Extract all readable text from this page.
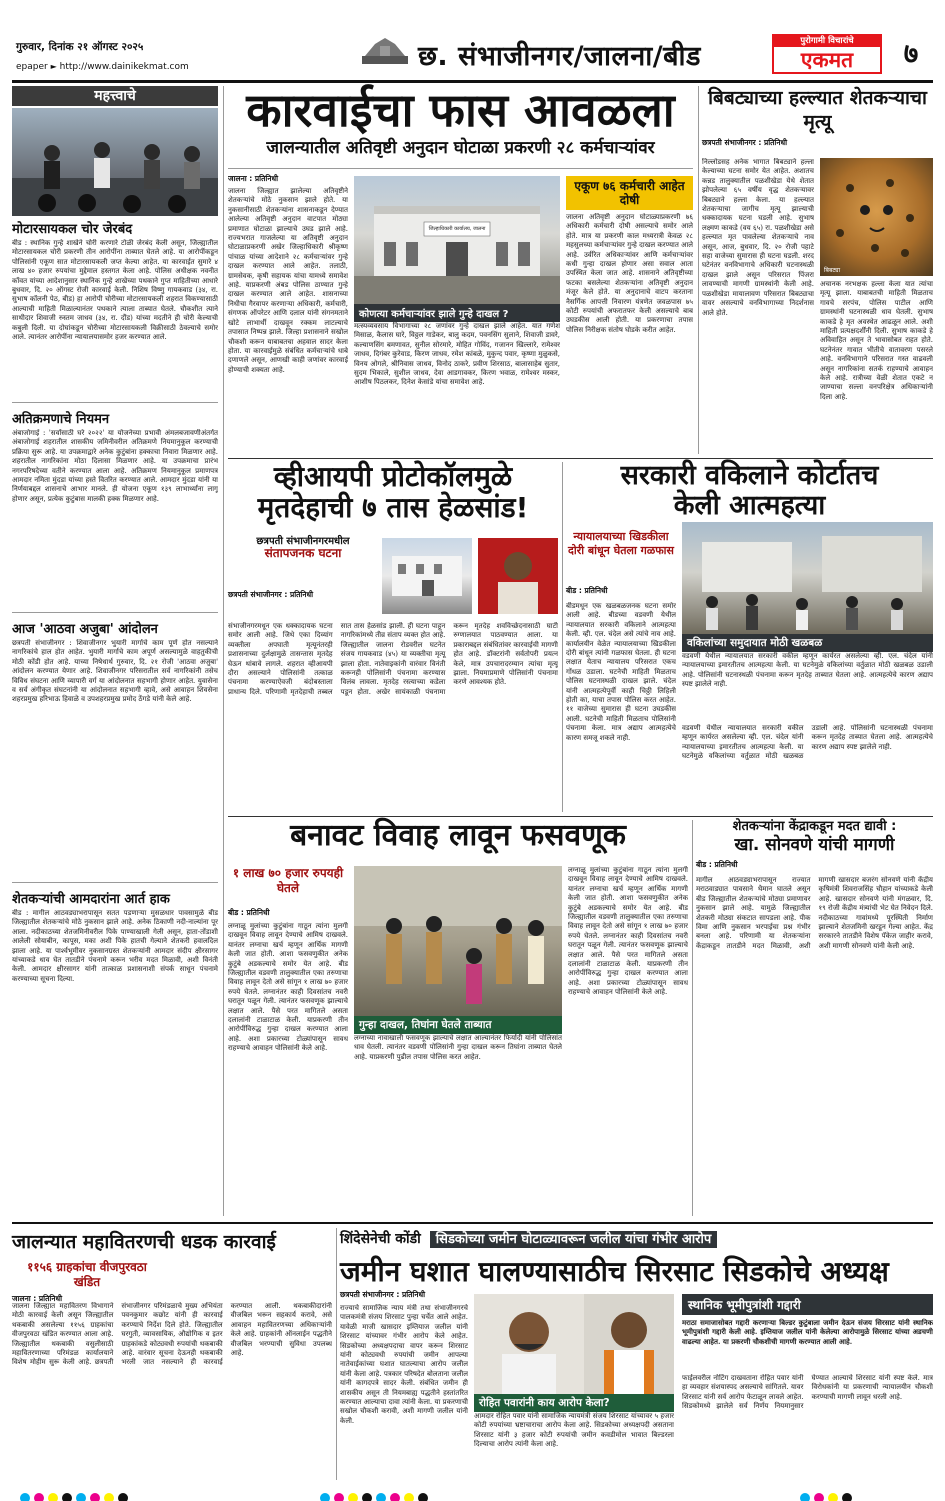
गुरुवार, दिनांक २१ ऑगस्ट २०२५
epaper ► http://www.dainikekmat.com	छ. संभाजीनगर/जालना/बीड	पुरोगामी विचारांचे
एकमत	७
महत्त्वाचे
मोटारसायकल चोर जेरबंद
बीड : स्थानिक गुन्हे शाखेने चोरी करणारे टोळी जेरबंद केली असून, जिल्ह्यातील मोटारसायकल चोरी प्रकरणी तीन आरोपींना ताब्यात घेतले आहे. या आरोपींकडून पोलिसांनी एकूण सात मोटारसायकली जप्त केल्या आहेत. या कारवाईत सुमारे ४ लाख ४० हजार रुपयांचा मुद्देमाल हस्तगत केला आहे. पोलिस अधीक्षक नवनीत कॉवत यांच्या आदेशानुसार स्थानिक गुन्हे शाखेच्या पथकाने गुप्त माहितीच्या आधारे बुधवार, दि. २० ऑगस्ट रोजी कारवाई केली. निशिष विष्णु गायकवाड (३४, रा. सुभाष कॉलनी पेठ, बीड) हा आरोपी चोरीच्या मोटारसायकली शहरात विकण्यासाठी आल्याची माहिती मिळाल्यानंतर पथकाने त्याला ताब्यात घेतले. चौकशीत त्याने साथीदार शिवाजी रुस्तम जाधव (३४, रा. दौंड) यांच्या मदतीने ही चोरी केल्याची कबुली दिली. या दोघांकडून चोरीच्या मोटारसायकली विक्रीसाठी ठेवल्याचे समोर आले. त्यानंतर आरोपींना न्यायालयासमोर हजर करण्यात आले.
अतिक्रमणाचे नियमन
अंबाजोगाई : 'सर्वांसाठी घरे २०२२' या योजनेच्या प्रभावी अंमलबजावणीअंतर्गत अंबाजोगाई शहरातील शासकीय जमिनीवरील अतिक्रमणे नियमानुकूल करण्याची प्रक्रिया सुरू आहे. या उपक्रमाद्वारे अनेक कुटुंबांना हक्काचा निवारा मिळणार आहे. शहरातील नागरिकांना मोठा दिलासा मिळणार आहे. या उपक्रमाचा प्रारंभ नगरपरिषदेच्या वतीने करण्यात आला आहे. अतिक्रमण नियमानुकूल प्रमाणपत्र आमदार नमिता मुंदडा यांच्या हस्ते वितरित करण्यात आले. आमदार मुंदडा यांनी या निर्णयाबद्दल शासनाचे आभार मानले. ही योजना एकूण १३९ लाभार्थ्यांना लागू होणार असून, प्रत्येक कुटुंबास मालकी हक्क मिळणार आहे.
आज 'आठवा अजुबा' आंदोलन
छत्रपती संभाजीनगर : शिवाजीनगर भुयारी मार्गाचे काम पूर्ण होत नसल्याने नागरिकांचे हाल होत आहेत. भुयारी मार्गाचे काम अपूर्ण असल्यामुळे वाहतुकीची मोठी कोंडी होत आहे. याच्या निषेधार्थ गुरुवार, दि. २१ रोजी 'आठवा अजुबा' आंदोलन करण्यात येणार आहे. शिवाजीनगर परिसरातील सर्व नागरिकांनी तसेच विविध संघटना आणि व्यापारी वर्ग या आंदोलनात सहभागी होणार आहेत. युवासेना व सर्व अंगीकृत संघटनांनी या आंदोलनात सहभागी व्हावे, असे आवाहन शिवसेना शहरप्रमुख हरिभाऊ हिवाळे व उपशहरप्रमुख प्रमोद ठेंगडे यांनी केले आहे.
शेतकऱ्यांची आमदारांना आर्त हाक
बीड : मागील आठवड्याभरापासून सतत पडणाऱ्या मुसळधार पावसामुळे बीड जिल्ह्यातील शेतकऱ्यांचे मोठे नुकसान झाले आहे. अनेक ठिकाणी नदी-नाल्यांना पूर आला. नदीकाठच्या शेतजमिनीवरील पिके पाण्याखाली गेली असून, हाता-तोंडाशी आलेली सोयाबीन, कापूस, मका अशी पिके हातची गेल्याने शेतकरी हवालदिल झाला आहे. या पार्श्वभूमीवर नुकसानग्रस्त शेतकऱ्यांनी आमदार संदीप क्षीरसागर यांच्याकडे धाव घेत तातडीने पंचनामे करून भरीव मदत मिळावी, अशी विनंती केली. आमदार क्षीरसागर यांनी तात्काळ प्रशासनाशी संपर्क साधून पंचनामे करण्याच्या सूचना दिल्या.
कारवाईचा फास आवळला
जालन्यातील अतिवृष्टी अनुदान घोटाळा प्रकरणी २८ कर्मचाऱ्यांवर
जालना : प्रतिनिधी
जालना जिल्ह्यात झालेल्या अतिवृष्टीने शेतकऱ्यांचे मोठे नुकसान झाले होते. या नुकसानीसाठी शेतकऱ्यांना शासनाकडून देण्यात आलेल्या अतिवृष्टी अनुदान वाटपात मोठ्या प्रमाणात घोटाळा झाल्याचे उघड झाले आहे. राज्यभरात गाजलेल्या या अतिवृष्टी अनुदान घोटाळाप्रकरणी अखेर जिल्हाधिकारी श्रीकृष्ण पांचाळ यांच्या आदेशाने २८ कर्मचाऱ्यांवर गुन्हे दाखल करण्यात आले आहेत. तलाठी, ग्रामसेवक, कृषी सहायक यांचा यामध्ये समावेश आहे. याप्रकरणी अंबड पोलिस ठाण्यात गुन्हे दाखल करण्यात आले आहेत. शासनाच्या निधीचा गैरवापर करणाऱ्या अधिकारी, कर्मचारी, संगणक ऑपरेटर आणि दलाल यांनी संगनमताने खोटे लाभार्थी दाखवून रक्कम लाटल्याचे तपासात निष्पन्न झाले. जिल्हा प्रशासनाने सखोल चौकशी करून याबाबतचा अहवाल सादर केला होता. या कारवाईमुळे संबंधित कर्मचाऱ्यांचे धाबे दणाणले असून, आणखी काही जणांवर कारवाई होण्याची शक्यता आहे.
जिल्हाधिकारी कार्यालय, जालना
कोणत्या कर्मचाऱ्यांवर झाले गुन्हे दाखल ?
मत्स्यव्यवसाय विभागाच्या २८ जणांवर गुन्हे दाखल झाले आहेत. यात गणेश मिसाळ, कैलास घारे, विठ्ठल गाडेकर, बालु कदम, पवनसिंग सुलाने, शिवाजी डावरे, कल्याणसिंग बमणावत, सुनील सोरमारे, मोहित गोविंद, गजानन खिल्लारे, रामेश्वर जाधव, दिगंबर कुरेवाड, किरण जाधव, रमेश कांबळे, मुकुन्द पवार, कृष्णा मुळुकसे, विनय ओगले, श्रीनिवास जाधव, विनोद ठाकरे, प्रवीण शिरसाठ, बालासाहेब सुतार, सुदम भिकाले, सुशील जाधव, देवा आडगावकर, किरण भवाळ, रामेश्वर मस्कर, आशीष पिठलकर, दिनेश केसांडे यांचा समावेश आहे.
एकूण ७६ कर्मचारी आहेत दोषी
जालना अतिवृष्टी अनुदान घोटाळ्याप्रकरणी ७६ अधिकारी कर्मचारी दोषी असल्याचे समोर आले होते. मात्र या प्रकरणी काल मध्यरात्री केवळ २८ महसुलच्या कर्मचाऱ्यांवर गुन्हे दाखल करण्यात आले आहे. उर्वरित अधिकाऱ्यांवर आणि कर्मचाऱ्यांवर कधी गुन्हा दाखल होणार असा सवाल आता उपस्थित केला जात आहे. शासनाने अतिवृष्टीच्या फटका बसलेल्या शेतकऱ्यांना अतिवृष्टी अनुदान मंजूर केले होते. या अनुदानाचे वाटप करताना नैसर्गिक आपत्ती निवारण यंत्रणेत जवळपास ७५ कोटी रुपयांची अफरातफर केली असल्याचे बाब उघडकीस आली होती. या प्रकरणाचा तपास पोलिस निरीक्षक संतोष घोडके करीत आहेत.
बिबट्याच्या हल्ल्यात शेतकऱ्याचा मृत्यू
छत्रपती संभाजीनगर : प्रतिनिधी
निल्लोडसह अनेक भागात बिबट्याने हल्ला केल्याच्या घटना समोर येत आहेत. अशातच कन्नड तालुक्यातील पळशीखेडा येथे शेतात झोपलेल्या ६५ वर्षीय वृद्ध शेतकऱ्यावर बिबट्याने हल्ला केला. या हल्ल्यात शेतकऱ्याचा जागीच मृत्यू झाल्याची धक्कादायक घटना घडली आहे. सुभाष लक्ष्मण काकडे (वय ६५) रा. पळशीखेडा असे हल्ल्यात मृत पावलेल्या शेतकऱ्याचे नाव असून, आज, बुधवार, दि. २० रोजी पहाटे सहा वाजेच्या सुमारास ही घटना घडली. शरद घटेनंतर वनविभागाचे अधिकारी घटनास्थळी दाखल झाले असून परिसरात पिंजरा लावण्याची मागणी ग्रामस्थांनी केली आहे. पळशीखेडा मायालावण परिसरात बिबट्याचा वावर असल्याचे वनविभागाच्या निदर्शनास आले होते.
बिबट्या
अचानक नरभक्षक हल्ला केला यात त्यांचा मृत्यू झाला. याबाबतची माहिती मिळताच गावचे सरपंच, पोलिस पाटील आणि ग्रामस्थांनी घटनास्थळी धाव घेतली. सुभाष काकडे हे मृत अवस्थेत आढळून आले. अशी माहिती प्रत्यक्षदर्शींनी दिली. सुभाष काकडे हे अविवाहित असून ते भावासोबत राहत होते. घटनेनंतर गावात भीतीचे वातावरण पसरले आहे. वनविभागाने परिसरात गस्त वाढवली असून नागरिकांना सतर्क राहण्याचे आवाहन केले आहे. रात्रीच्या वेळी शेतात एकटे न जाण्याचा सल्ला वनपरिक्षेत्र अधिकाऱ्यांनी दिला आहे.
व्हीआयपी प्रोटोकॉलमुळे
मृतदेहाची ७ तास हेळसांड!
छत्रपती संभाजीनगरमधील
संतापजनक घटना
छत्रपती संभाजीनगर : प्रतिनिधी
संभाजीनगरमधून एक धक्कादायक घटना समोर आली आहे. जिथे एका दिव्यांग व्यक्तीला अपघाती मृत्यूनंतरही प्रशासनाच्या दुर्लक्षामुळे तासन्तास मृतदेह घेऊन थांबावे लागले. शहरात व्हीआयपी दौरा असल्याने पोलिसांनी तत्काळ पंचनामा करण्याऐवजी बंदोबस्ताला प्राधान्य दिले. परिणामी मृतदेहाची तब्बल सात तास हेळसांड झाली. ही घटना पाहून नागरिकांमध्ये तीव्र संताप व्यक्त होत आहे. जिल्ह्यातील जालना रोडवरील घटनेत संजय गायकवाड (४५) या व्यक्तीचा मृत्यू झाला होता. नातेवाइकांनी वारंवार विनंती करूनही पोलिसांनी पंचनामा करण्यास विलंब लावला. मृतदेह रस्त्याच्या कडेला पडून होता. अखेर सायंकाळी पंचनामा करून मृतदेह शवविच्छेदनासाठी घाटी रुग्णालयात पाठवण्यात आला. या प्रकाराबद्दल संबंधितांवर कारवाईची मागणी होत आहे. डॉक्टरांनी सर्वतोपरी प्रयत्न केले, मात्र उपचारादरम्यान त्यांचा मृत्यू झाला. नियमाप्रमाणे पोलिसांनी पंचनामा करणे आवश्यक होते.
सरकारी वकिलाने कोर्टातच
केली आत्महत्या
न्यायालयाच्या खिडकीला दोरी बांधून घेतला गळफास
बीड : प्रतिनिधी
वकिलांच्या समुदायात मोठी खळबळ
वडवणी येथील न्यायालयात सरकारी वकील म्हणून कार्यरत असलेल्या व्ही. एल. चंदेल यांनी न्यायालयाच्या इमारतीतच आत्महत्या केली. या घटनेमुळे वकिलांच्या वर्तुळात मोठी खळबळ उडाली आहे. पोलिसांनी घटनास्थळी पंचनामा करून मृतदेह ताब्यात घेतला आहे. आत्महत्येचे कारण अद्याप स्पष्ट झालेले नाही.
बीडमधून एक खळबळजनक घटना समोर आली आहे. बीडच्या वडवणी येथील न्यायालयात सरकारी वकिलाने आत्महत्या केली. व्ही. एल. चंदेल असे त्यांचे नाव आहे. कार्यालयीन वेळेत न्यायालयाच्या खिडकीला दोरी बांधून त्यांनी गळफास घेतला. ही घटना लक्षात येताच न्यायालय परिसरात एकच गोंधळ उडाला. घटनेची माहिती मिळताच पोलिस घटनास्थळी दाखल झाले. चंदेल यांनी आत्महत्येपूर्वी काही चिठ्ठी लिहिली होती का, याचा तपास पोलिस करत आहेत. ११ वाजेच्या सुमारास ही घटना उघडकीस आली. घटनेची माहिती मिळताच पोलिसांनी पंचनामा केला. मात्र अद्याप आत्महत्येचे कारण समजू शकले नाही.
वडवणी येथील न्यायालयात सरकारी वकील म्हणून कार्यरत असलेल्या व्ही. एल. चंदेल यांनी न्यायालयाच्या इमारतीतच आत्महत्या केली. या घटनेमुळे वकिलांच्या वर्तुळात मोठी खळबळ उडाली आहे. पोलिसांनी घटनास्थळी पंचनामा करून मृतदेह ताब्यात घेतला आहे. आत्महत्येचे कारण अद्याप स्पष्ट झालेले नाही.
बनावट विवाह लावून फसवणूक
१ लाख ७० हजार रुपयही घेतले
बीड : प्रतिनिधी
लग्नाळू मुलांच्या कुटुंबांना गाठून त्यांना मुलगी दाखवून विवाह लावून देण्याचे आमिष दाखवले. यानंतर लग्नाचा खर्च म्हणून आर्थिक मागणी केली जात होती. आशा फसवणुकीत अनेक कुटुंबे अडकल्याचे समोर येत आहे. बीड जिल्ह्यातील वडवणी तालुक्यातील एका तरुणाचा विवाह लावून देतो असे सांगून १ लाख ७० हजार रुपये घेतले. लग्नानंतर काही दिवसांतच नवरी घरातून पळून गेली. त्यानंतर फसवणूक झाल्याचे लक्षात आले. पैसे परत मागितले असता दलालांनी टाळाटाळ केली. याप्रकरणी तीन आरोपींविरुद्ध गुन्हा दाखल करण्यात आला आहे. अशा प्रकारच्या टोळ्यांपासून सावध राहण्याचे आवाहन पोलिसांनी केले आहे.
गुन्हा दाखल, तिघांना घेतले ताब्यात
लग्नाच्या नावाखाली फसवणूक झाल्याचे लक्षात आल्यानंतर फिर्यादी यांनी पोलिसांत धाव घेतली. त्यानंतर वडवणी पोलिसांनी गुन्हा दाखल करून तिघांना ताब्यात घेतले आहे. याप्रकरणी पुढील तपास पोलिस करत आहेत.
लग्नाळू मुलांच्या कुटुंबांना गाठून त्यांना मुलगी दाखवून विवाह लावून देण्याचे आमिष दाखवले. यानंतर लग्नाचा खर्च म्हणून आर्थिक मागणी केली जात होती. आशा फसवणुकीत अनेक कुटुंबे अडकल्याचे समोर येत आहे. बीड जिल्ह्यातील वडवणी तालुक्यातील एका तरुणाचा विवाह लावून देतो असे सांगून १ लाख ७० हजार रुपये घेतले. लग्नानंतर काही दिवसांतच नवरी घरातून पळून गेली. त्यानंतर फसवणूक झाल्याचे लक्षात आले. पैसे परत मागितले असता दलालांनी टाळाटाळ केली. याप्रकरणी तीन आरोपींविरुद्ध गुन्हा दाखल करण्यात आला आहे. अशा प्रकारच्या टोळ्यांपासून सावध राहण्याचे आवाहन पोलिसांनी केले आहे.
शेतकऱ्यांना केंद्राकडून मदत द्यावी :
खा. सोनवणे यांची मागणी
बीड : प्रतिनिधी
मागील आठवड्याभरापासून राज्यात मराठवाड्यात पावसाने थैमान घातले असून बीड जिल्ह्यातील शेतकऱ्यांचे मोठ्या प्रमाणावर नुकसान झाले आहे. यामुळे जिल्ह्यातील शेतकरी मोठ्या संकटात सापडला आहे. पीक विमा आणि नुकसान भरपाईचा प्रश्न गंभीर बनला आहे. परिणामी या शेतकऱ्यांना केंद्राकडून तातडीने मदत मिळावी, अशी मागणी खासदार बजरंग सोनवणे यांनी केंद्रीय कृषिमंत्री शिवराजसिंह चौहान यांच्याकडे केली आहे. खासदार सोनवणे यांनी मंगळवार, दि. १९ रोजी केंद्रीय मंत्र्यांची भेट घेत निवेदन दिले. नदीकाठच्या गावांमध्ये पूरस्थिती निर्माण झाल्याने शेतजमिनी खरडून गेल्या आहेत. केंद्र सरकारने तातडीने विशेष पॅकेज जाहीर करावे, अशी मागणी सोनवणे यांनी केली आहे.
जालन्यात महावितरणची धडक कारवाई
११५६ ग्राहकांचा वीजपुरवठा खंडित
जालना : प्रतिनिधी
जालना जिल्ह्यात महावितरण विभागाने मोठी कारवाई केली असून जिल्ह्यातील थकबाकी असलेल्या ११५६ ग्राहकांचा वीजपुरवठा खंडित करण्यात आला आहे. जिल्ह्यातील थकबाकी वसुलीसाठी महावितरणाच्या परिमंडळ कार्यालयाने विशेष मोहीम सुरू केली आहे. छत्रपती संभाजीनगर परिमंडळाचे मुख्य अभियंता पवनकुमार कछोट यांनी ही कारवाई करण्याचे निर्देश दिले होते. जिल्ह्यातील घरगुती, व्यावसायिक, औद्योगिक व इतर ग्राहकांकडे कोट्यवधी रुपयांची थकबाकी आहे. वारंवार सूचना देऊनही थकबाकी भरली जात नसल्याने ही कारवाई करण्यात आली. थकबाकीदारांनी वीजबिल भरून सहकार्य करावे, असे आवाहन महावितरणच्या अधिकाऱ्यांनी केले आहे. ग्राहकांनी ऑनलाईन पद्धतीने वीजबिल भरण्याची सुविधा उपलब्ध आहे.
शिंदेसेनेची कोंडी सिडकोच्या जमीन घोटाळ्यावरून जलील यांचा गंभीर आरोप
जमीन घशात घालण्यासाठीच सिरसाट सिडकोचे अध्यक्ष
छत्रपती संभाजीनगर : प्रतिनिधी
राज्याचे सामाजिक न्याय मंत्री तथा संभाजीनगरचे पालकमंत्री संजय शिरसाट पुन्हा चर्चेत आले आहेत. यावेळी माजी खासदार इम्तियाज जलील यांनी शिरसाट यांच्यावर गंभीर आरोप केले आहेत. सिडकोच्या अध्यक्षपदाचा वापर करून शिरसाट यांनी कोट्यवधी रुपयांची जमीन आपल्या नातेवाईकांच्या घशात घातल्याचा आरोप जलील यांनी केला आहे. पत्रकार परिषदेत बोलताना जलील यांनी कागदपत्रे सादर केली. संबंधित जमीन ही शासकीय असून ती नियमबाह्य पद्धतीने हस्तांतरित करण्यात आल्याचा दावा त्यांनी केला. या प्रकरणाची सखोल चौकशी करावी, अशी मागणी जलील यांनी केली.
रोहित पवारांनी काय आरोप केला?
आमदार रोहित पवार यांनी सामाजिक न्यायमंत्री संजय शिरसाट यांच्यावर ५ हजार कोटी रुपयांच्या भ्रष्टाचाराचा आरोप केला आहे. सिडकोच्या अध्यक्षपदी असताना शिरसाट यांनी ३ हजार कोटी रुपयांची जमीन कवडीमोल भावात बिल्डरला दिल्याचा आरोप त्यांनी केला आहे.
स्थानिक भूमीपुत्रांशी गद्दारी
मराठा समाजासोबत गद्दारी करणाऱ्या बिल्डर कुटुंबाला जमीन देऊन संजय सिरसाट यांनी स्थानिक भूमीपुत्रांशी गद्दारी केली आहे. इम्तियाज जलील यांनी केलेल्या आरोपामुळे सिरसाट यांच्या अडचणी वाढल्या आहेत. या प्रकरणी चौकशीची मागणी करण्यात आली आहे.
फाईलवरील नोटिंग दाखवताना रोहित पवार यांनी हा व्यवहार संशयास्पद असल्याचे सांगितले. यावर शिरसाट यांनी सर्व आरोप फेटाळून लावले आहेत. सिडकोमध्ये झालेले सर्व निर्णय नियमानुसार घेण्यात आल्याचे शिरसाट यांनी स्पष्ट केले. मात्र विरोधकांनी या प्रकरणाची न्यायालयीन चौकशी करण्याची मागणी लावून धरली आहे.
